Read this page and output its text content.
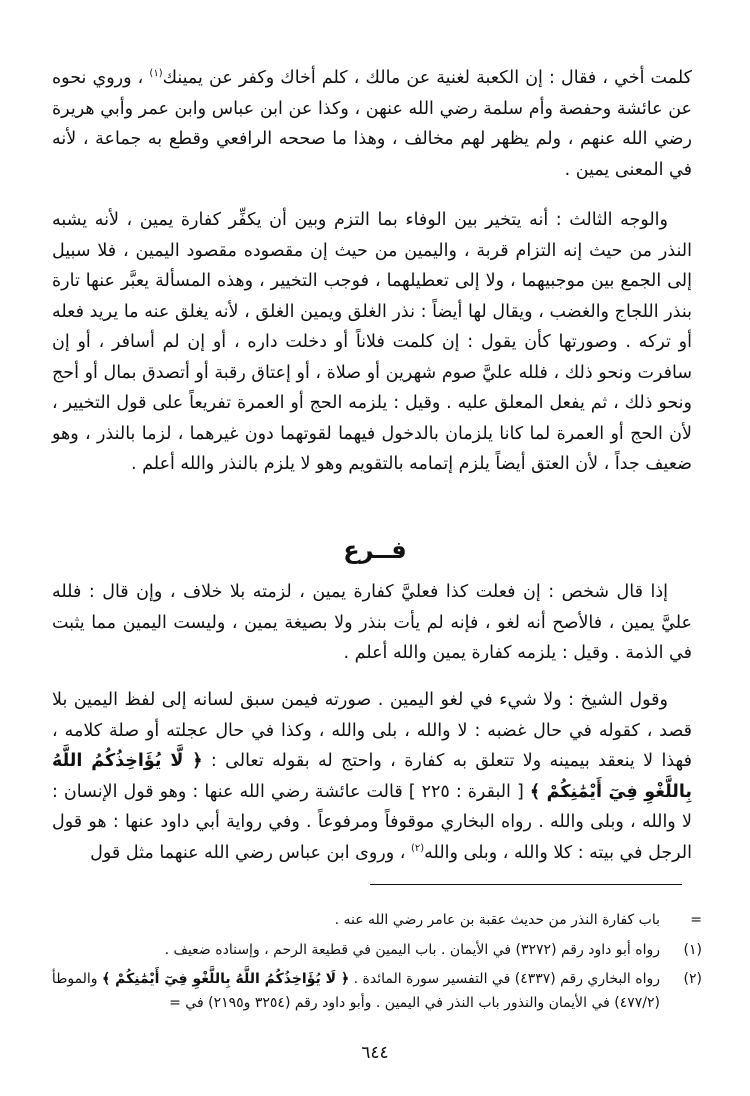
كلمت أخي ، فقال : إن الكعبة لغنية عن مالك ، كلم أخاك وكفر عن يمينك$^{(١)}$ ، وروي نحوه عن عائشة وحفصة وأم سلمة رضي الله عنهن ، وكذا عن ابن عباس وابن عمر وأبي هريرة رضي الله عنهم ، ولم يظهر لهم مخالف ، وهذا ما صححه الرافعي وقطع به جماعة ، لأنه في المعنى يمين .

والوجه الثالث : أنه يتخير بين الوفاء بما التزم وبين أن يكفِّر كفارة يمين ، لأنه يشبه النذر من حيث إنه التزام قربة ، واليمين من حيث إن مقصوده مقصود اليمين ، فلا سبيل إلى الجمع بين موجبيهما ، ولا إلى تعطيلهما ، فوجب التخيير ، وهذه المسألة يعبَّر عنها تارة بنذر اللجاج والغضب ، ويقال لها أيضاً : نذر الغلق ويمين الغلق ، لأنه يغلق عنه ما يريد فعله أو تركه . وصورتها كأن يقول : إن كلمت فلاناً أو دخلت داره ، أو إن لم أسافر ، أو إن سافرت ونحو ذلك ، فلله عليَّ صوم شهرين أو صلاة ، أو إعتاق رقبة أو أتصدق بمال أو أحج ونحو ذلك ، ثم يفعل المعلق عليه . وقيل : يلزمه الحج أو العمرة تفريعاً على قول التخيير ، لأن الحج أو العمرة لما كانا يلزمان بالدخول فيهما لقوتهما دون غيرهما ، لزما بالنذر ، وهو ضعيف جداً ، لأن العتق أيضاً يلزم إتمامه بالتقويم وهو لا يلزم بالنذر والله أعلم .

فــرع

إذا قال شخص : إن فعلت كذا فعليَّ كفارة يمين ، لزمته بلا خلاف ، وإن قال : فلله عليَّ يمين ، فالأصح أنه لغو ، فإنه لم يأت بنذر ولا بصيغة يمين ، وليست اليمين مما يثبت في الذمة . وقيل : يلزمه كفارة يمين والله أعلم .

وقول الشيخ : ولا شيء في لغو اليمين . صورته فيمن سبق لسانه إلى لفظ اليمين بلا قصد ، كقوله في حال غضبه : لا والله ، بلى والله ، وكذا في حال عجلته أو صلة كلامه ، فهذا لا ينعقد بيمينه ولا تتعلق به كفارة ، واحتج له بقوله تعالى : ﴿ لَّا يُؤَاخِذُكُمُ اللَّهُ بِاللَّغْوِ فِيٓ أَيْمَٰنِكُمْ ﴾ [ البقرة : ٢٢٥ ] قالت عائشة رضي الله عنها : وهو قول الإنسان : لا والله ، وبلى والله . رواه البخاري موقوفاً ومرفوعاً . وفي رواية أبي داود عنها : هو قول الرجل في بيته : كلا والله ، وبلى والله$^{(٢)}$ ، وروى ابن عباس رضي الله عنهما مثل قول

=باب كفارة النذر من حديث عقبة بن عامر رضي الله عنه .

(١)رواه أبو داود رقم (٣٢٧٢) في الأيمان . باب اليمين في قطيعة الرحم ، وإسناده ضعيف .

(٢)رواه البخاري رقم (٤٣٣٧) في التفسير سورة المائدة . ﴿ لَا يُؤَاخِذُكُمُ اللَّهُ بِاللَّغْوِ فِيٓ أَيْمَٰنِكُمْ ﴾ والموطأ

(٤٧٧/٢) في الأيمان والنذور باب النذر في اليمين . وأبو داود رقم (٣٢٥٤ و٢١٩٥) في =

٦٤٤
